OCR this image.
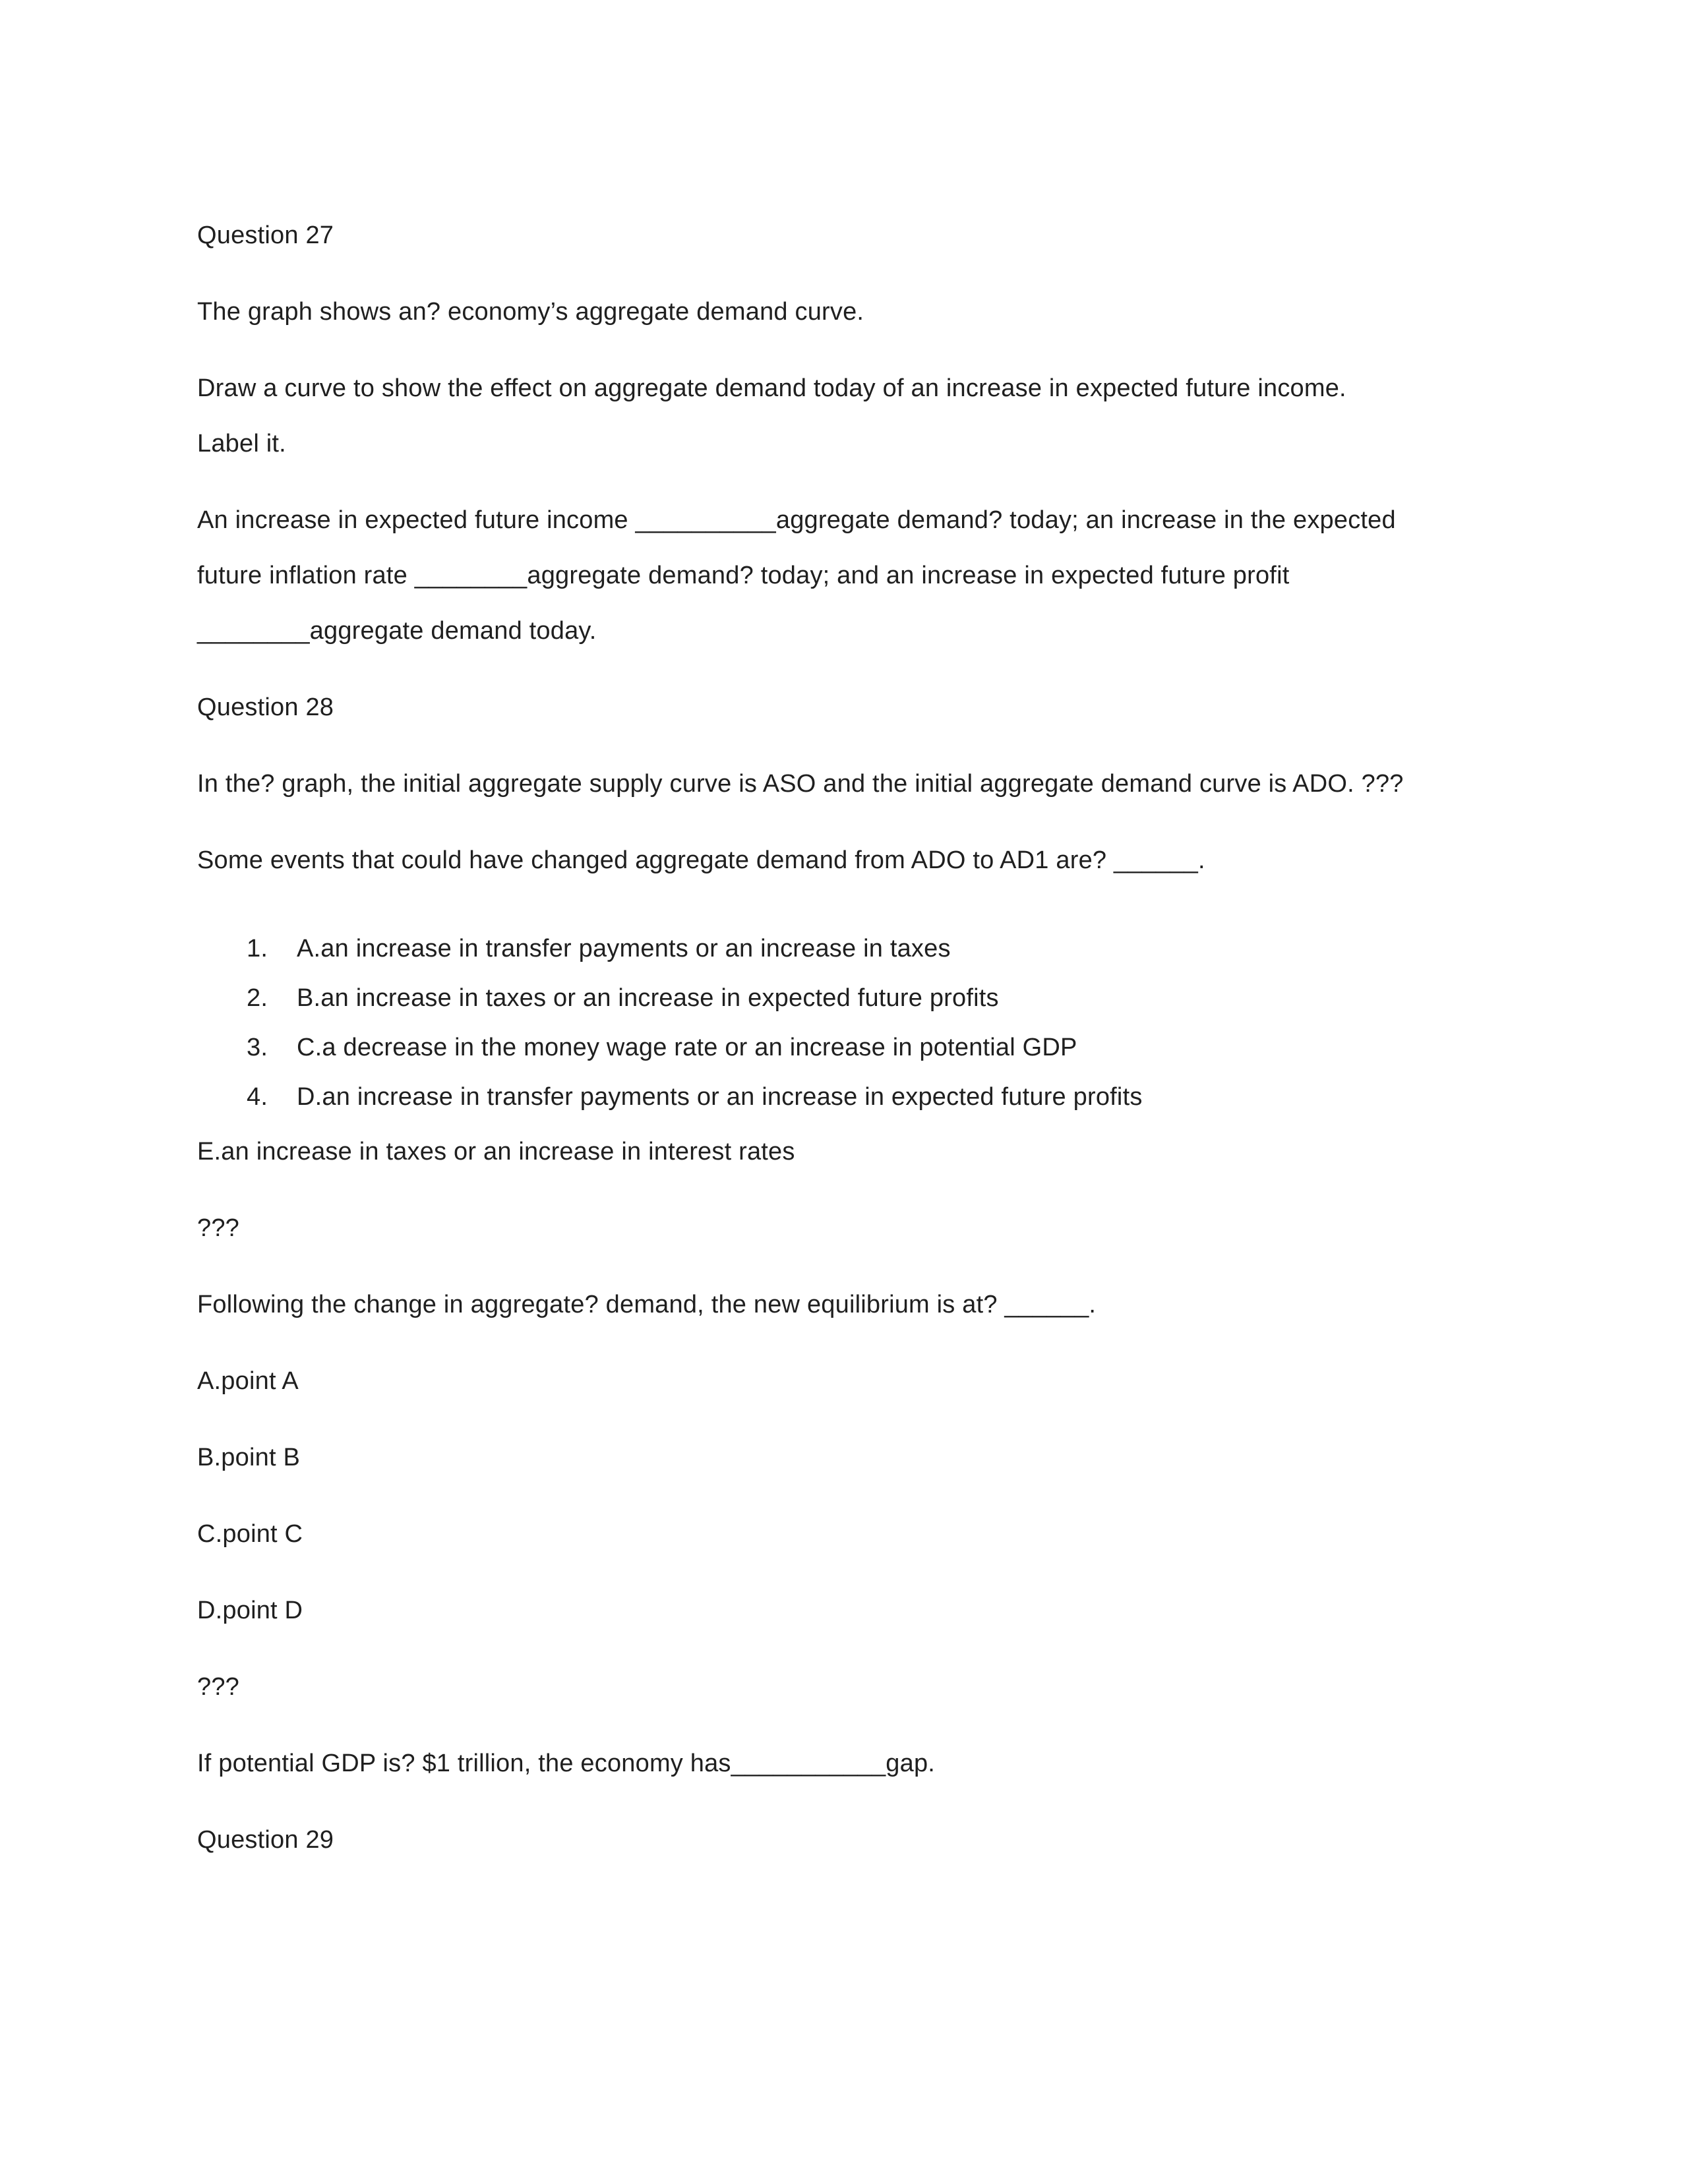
Question 27
The graph shows an? economy’s aggregate demand curve.
Draw a curve to show the effect on aggregate demand today of an increase in expected future income.
Label it.
An increase in expected future income __________aggregate demand? today; an increase in the expected
future inflation rate ________aggregate demand? today; and an increase in expected future profit
________aggregate demand today.
Question 28
In the? graph, the initial aggregate supply curve is ASO and the initial aggregate demand curve is ADO. ???
Some events that could have changed aggregate demand from ADO to AD1 are? ______.
1. A.an increase in transfer payments or an increase in taxes
2. B.an increase in taxes or an increase in expected future profits
3. C.a decrease in the money wage rate or an increase in potential GDP
4. D.an increase in transfer payments or an increase in expected future profits
E.an increase in taxes or an increase in interest rates
???
Following the change in aggregate? demand, the new equilibrium is at? ______.
A.point A
B.point B
C.point C
D.point D
???
If potential GDP is? $1 trillion, the economy has___________gap.
Question 29
